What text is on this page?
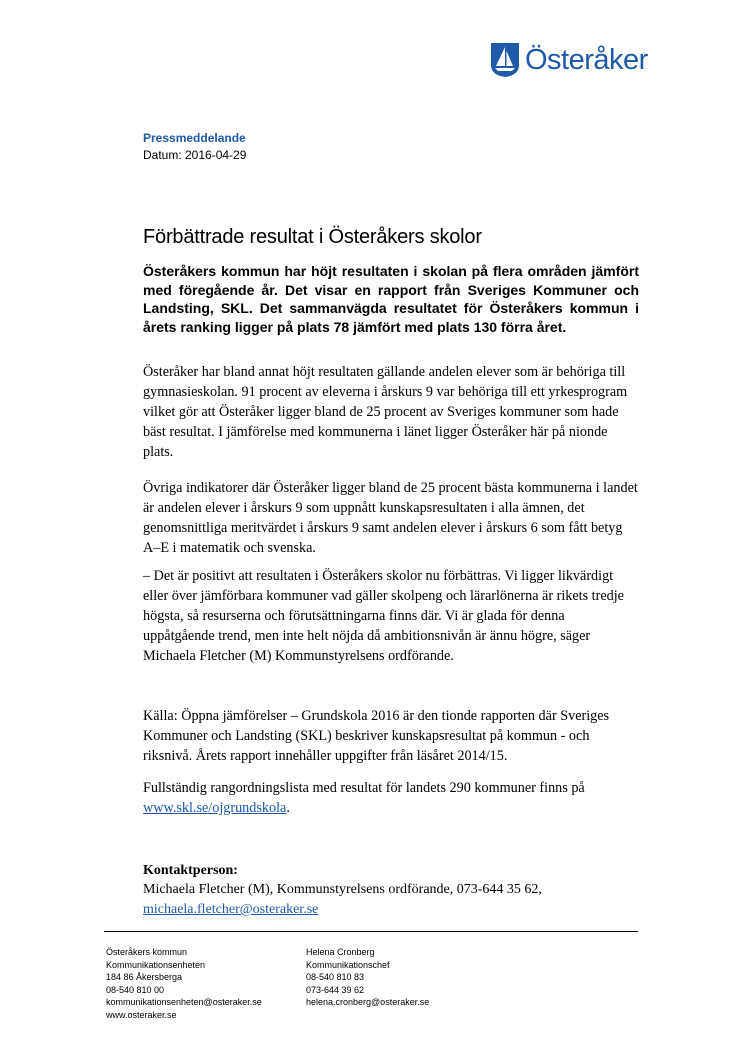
Österåker
Pressmeddelande
Datum: 2016-04-29
Förbättrade resultat i Österåkers skolor

Österåkers kommun har höjt resultaten i skolan på flera områden jämfört med föregående år. Det visar en rapport från Sveriges Kommuner och Landsting, SKL. Det sammanvägda resultatet för Österåkers kommun i årets ranking ligger på plats 78 jämfört med plats 130 förra året.

Österåker har bland annat höjt resultaten gällande andelen elever som är behöriga till gymnasieskolan. 91 procent av eleverna i årskurs 9 var behöriga till ett yrkesprogram vilket gör att Österåker ligger bland de 25 procent av Sveriges kommuner som hade bäst resultat. I jämförelse med kommunerna i länet ligger Österåker här på nionde plats.

Övriga indikatorer där Österåker ligger bland de 25 procent bästa kommunerna i landet är andelen elever i årskurs 9 som uppnått kunskapsresultaten i alla ämnen, det genomsnittliga meritvärdet i årskurs 9 samt andelen elever i årskurs 6 som fått betyg A–E i matematik och svenska.

– Det är positivt att resultaten i Österåkers skolor nu förbättras. Vi ligger likvärdigt eller över jämförbara kommuner vad gäller skolpeng och lärarlönerna är rikets tredje högsta, så resurserna och förutsättningarna finns där. Vi är glada för denna uppåtgående trend, men inte helt nöjda då ambitionsnivån är ännu högre, säger Michaela Fletcher (M) Kommunstyrelsens ordförande.

Källa: Öppna jämförelser – Grundskola 2016 är den tionde rapporten där Sveriges Kommuner och Landsting (SKL) beskriver kunskapsresultat på kommun - och riksnivå. Årets rapport innehåller uppgifter från läsåret 2014/15.

Fullständig rangordningslista med resultat för landets 290 kommuner finns på www.skl.se/ojgrundskola.

Kontaktperson:
Michaela Fletcher (M), Kommunstyrelsens ordförande, 073-644 35 62,
michaela.fletcher@osteraker.se
Österåkers kommun
Kommunikationsenheten
184 86 Åkersberga
08-540 810 00
kommunikationsenheten@osteraker.se
www.osteraker.se
Helena Cronberg
Kommunikationschef
08-540 810 83
073-644 39 62
helena.cronberg@osteraker.se
